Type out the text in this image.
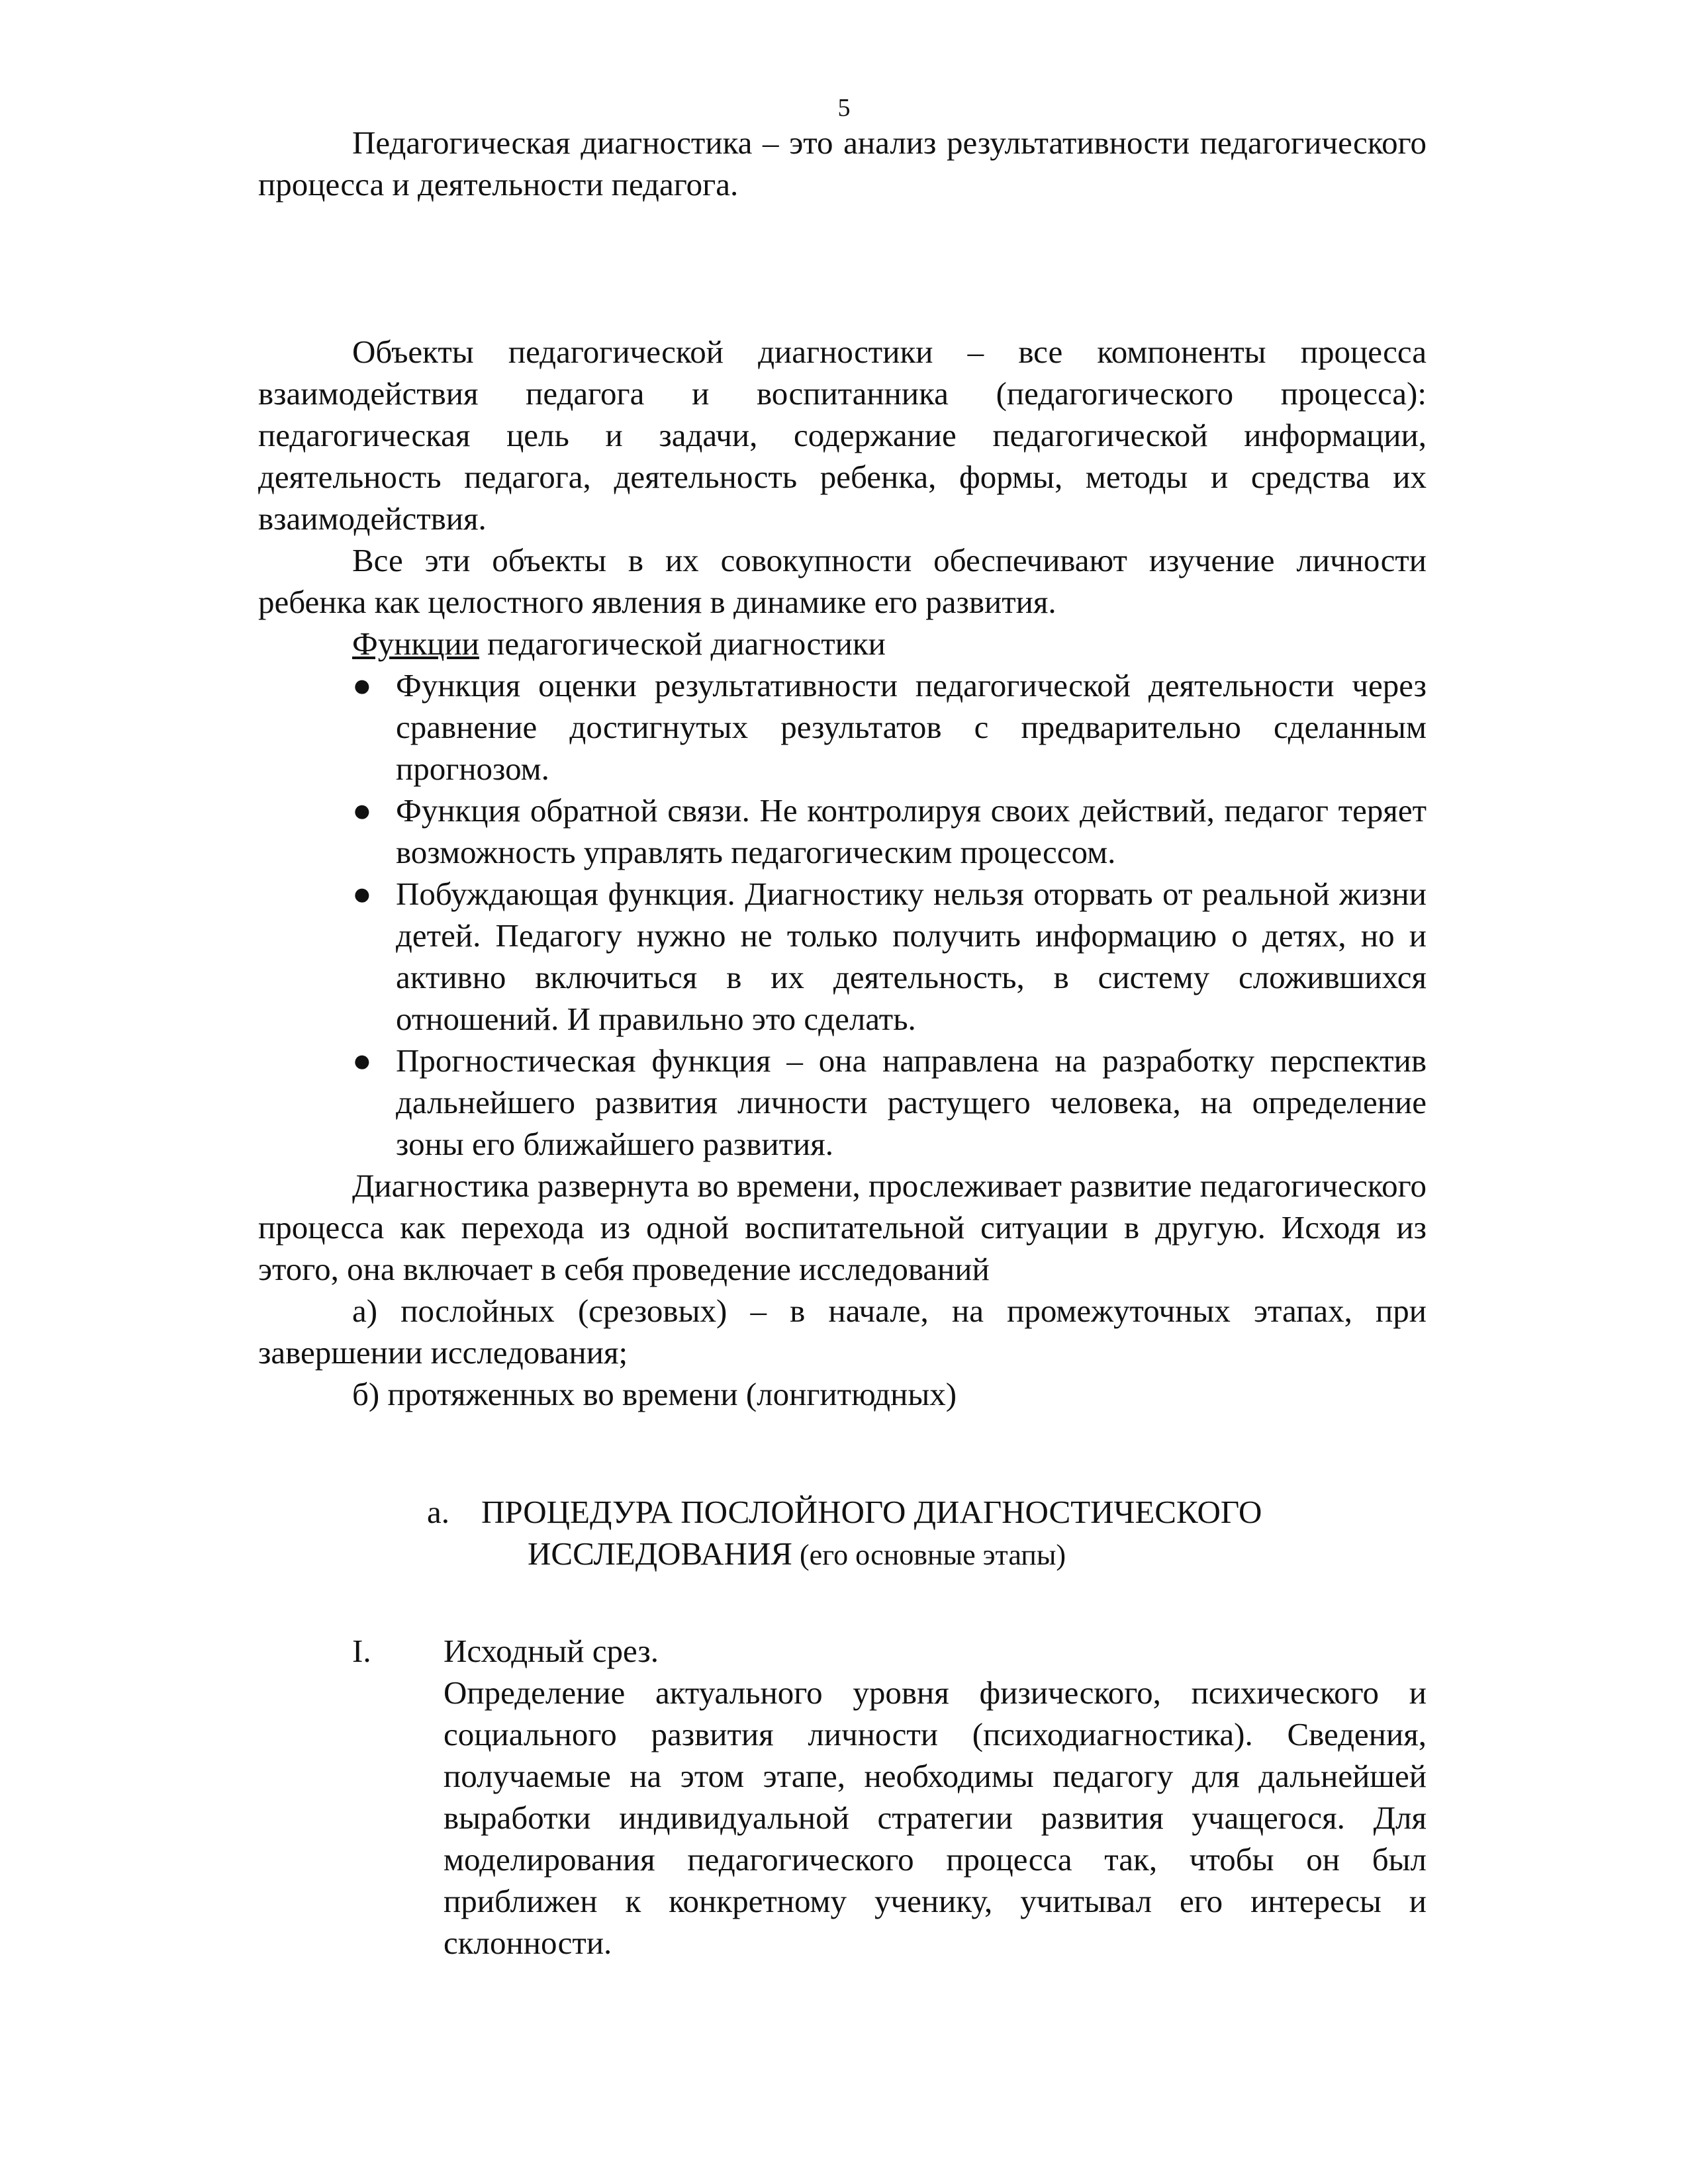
5

Педагогическая диагностика – это анализ результативности педагогического процесса и деятельности педагога.

Объекты педагогической диагностики – все компоненты процесса взаимодействия педагога и воспитанника (педагогического процесса): педагогическая цель и задачи, содержание педагогической информации, деятельность педагога, деятельность ребенка, формы, методы и средства их взаимодействия.

Все эти объекты в их совокупности обеспечивают изучение личности ребенка как целостного явления в динамике его развития.

Функции педагогической диагностики

● Функция оценки результативности педагогической деятельности через сравнение достигнутых результатов с предварительно сделанным прогнозом.
● Функция обратной связи. Не контролируя своих действий, педагог теряет возможность управлять педагогическим процессом.
● Побуждающая функция. Диагностику нельзя оторвать от реальной жизни детей. Педагогу нужно не только получить информацию о детях, но и активно включиться в их деятельность, в систему сложившихся отношений. И правильно это сделать.
● Прогностическая функция – она направлена на разработку перспектив дальнейшего развития личности растущего человека, на определение зоны его ближайшего развития.

Диагностика развернута во времени, прослеживает развитие педагогического процесса как перехода из одной воспитательной ситуации в другую. Исходя из этого, она включает в себя проведение исследований

а) послойных (срезовых) – в начале, на промежуточных этапах, при завершении исследования;

б) протяженных во времени (лонгитюдных)

a. ПРОЦЕДУРА ПОСЛОЙНОГО ДИАГНОСТИЧЕСКОГО
ИССЛЕДОВАНИЯ (его основные этапы)
I. Исходный срез.
Определение актуального уровня физического, психического и социального развития личности (психодиагностика). Сведения, получаемые на этом этапе, необходимы педагогу для дальнейшей выработки индивидуальной стратегии развития учащегося. Для моделирования педагогического процесса так, чтобы он был приближен к конкретному ученику, учитывал его интересы и склонности.
